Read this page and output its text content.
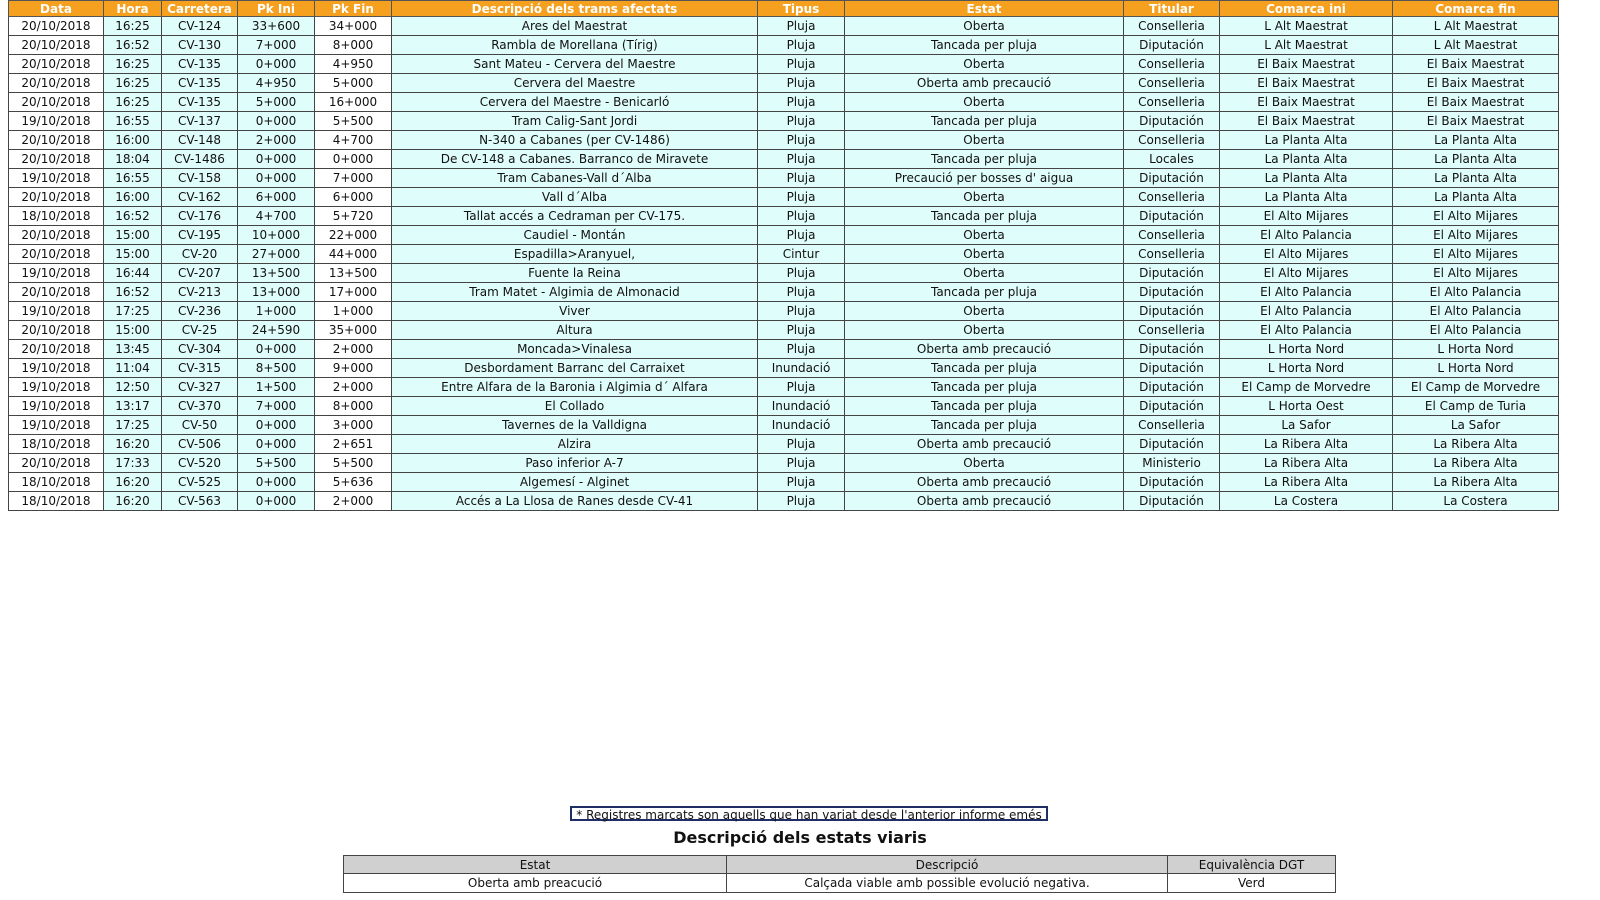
Data	Hora	Carretera	Pk Ini	Pk Fin	Descripció dels trams afectats	Tipus	Estat	Titular	Comarca ini	Comarca fin
20/10/2018	16:25	CV-124	33+600	34+000	Ares del Maestrat	Pluja	Oberta	Conselleria	L Alt Maestrat	L Alt Maestrat
20/10/2018	16:52	CV-130	7+000	8+000	Rambla de Morellana (Tírig)	Pluja	Tancada per pluja	Diputación	L Alt Maestrat	L Alt Maestrat
20/10/2018	16:25	CV-135	0+000	4+950	Sant Mateu - Cervera del Maestre	Pluja	Oberta	Conselleria	El Baix Maestrat	El Baix Maestrat
20/10/2018	16:25	CV-135	4+950	5+000	Cervera del Maestre	Pluja	Oberta amb precaució	Conselleria	El Baix Maestrat	El Baix Maestrat
20/10/2018	16:25	CV-135	5+000	16+000	Cervera del Maestre - Benicarló	Pluja	Oberta	Conselleria	El Baix Maestrat	El Baix Maestrat
19/10/2018	16:55	CV-137	0+000	5+500	Tram Calig-Sant Jordi	Pluja	Tancada per pluja	Diputación	El Baix Maestrat	El Baix Maestrat
20/10/2018	16:00	CV-148	2+000	4+700	N-340 a Cabanes (per CV-1486)	Pluja	Oberta	Conselleria	La Planta Alta	La Planta Alta
20/10/2018	18:04	CV-1486	0+000	0+000	De CV-148 a Cabanes. Barranco de Miravete	Pluja	Tancada per pluja	Locales	La Planta Alta	La Planta Alta
19/10/2018	16:55	CV-158	0+000	7+000	Tram Cabanes-Vall d´Alba	Pluja	Precaució per bosses d' aigua	Diputación	La Planta Alta	La Planta Alta
20/10/2018	16:00	CV-162	6+000	6+000	Vall d´Alba	Pluja	Oberta	Conselleria	La Planta Alta	La Planta Alta
18/10/2018	16:52	CV-176	4+700	5+720	Tallat accés a Cedraman per CV-175.	Pluja	Tancada per pluja	Diputación	El Alto Mijares	El Alto Mijares
20/10/2018	15:00	CV-195	10+000	22+000	Caudiel - Montán	Pluja	Oberta	Conselleria	El Alto Palancia	El Alto Mijares
20/10/2018	15:00	CV-20	27+000	44+000	Espadilla>Aranyuel,	Cintur	Oberta	Conselleria	El Alto Mijares	El Alto Mijares
19/10/2018	16:44	CV-207	13+500	13+500	Fuente la Reina	Pluja	Oberta	Diputación	El Alto Mijares	El Alto Mijares
20/10/2018	16:52	CV-213	13+000	17+000	Tram Matet - Algimia de Almonacid	Pluja	Tancada per pluja	Diputación	El Alto Palancia	El Alto Palancia
19/10/2018	17:25	CV-236	1+000	1+000	Viver	Pluja	Oberta	Diputación	El Alto Palancia	El Alto Palancia
20/10/2018	15:00	CV-25	24+590	35+000	Altura	Pluja	Oberta	Conselleria	El Alto Palancia	El Alto Palancia
20/10/2018	13:45	CV-304	0+000	2+000	Moncada>Vinalesa	Pluja	Oberta amb precaució	Diputación	L Horta Nord	L Horta Nord
19/10/2018	11:04	CV-315	8+500	9+000	Desbordament Barranc del Carraixet	Inundació	Tancada per pluja	Diputación	L Horta Nord	L Horta Nord
19/10/2018	12:50	CV-327	1+500	2+000	Entre Alfara de la Baronia i Algimia d´ Alfara	Pluja	Tancada per pluja	Diputación	El Camp de Morvedre	El Camp de Morvedre
19/10/2018	13:17	CV-370	7+000	8+000	El Collado	Inundació	Tancada per pluja	Diputación	L Horta Oest	El Camp de Turia
19/10/2018	17:25	CV-50	0+000	3+000	Tavernes de la Valldigna	Inundació	Tancada per pluja	Conselleria	La Safor	La Safor
18/10/2018	16:20	CV-506	0+000	2+651	Alzira	Pluja	Oberta amb precaució	Diputación	La Ribera Alta	La Ribera Alta
20/10/2018	17:33	CV-520	5+500	5+500	Paso inferior A-7	Pluja	Oberta	Ministerio	La Ribera Alta	La Ribera Alta
18/10/2018	16:20	CV-525	0+000	5+636	Algemesí - Alginet	Pluja	Oberta amb precaució	Diputación	La Ribera Alta	La Ribera Alta
18/10/2018	16:20	CV-563	0+000	2+000	Accés a La Llosa de Ranes desde CV-41	Pluja	Oberta amb precaució	Diputación	La Costera	La Costera
* Registres marcats son aquells que han variat desde l'anterior informe emés
Descripció dels estats viaris
Estat	Descripció	Equivalència DGT
Oberta amb preacució	Calçada viable amb possible evolució negativa.	Verd
